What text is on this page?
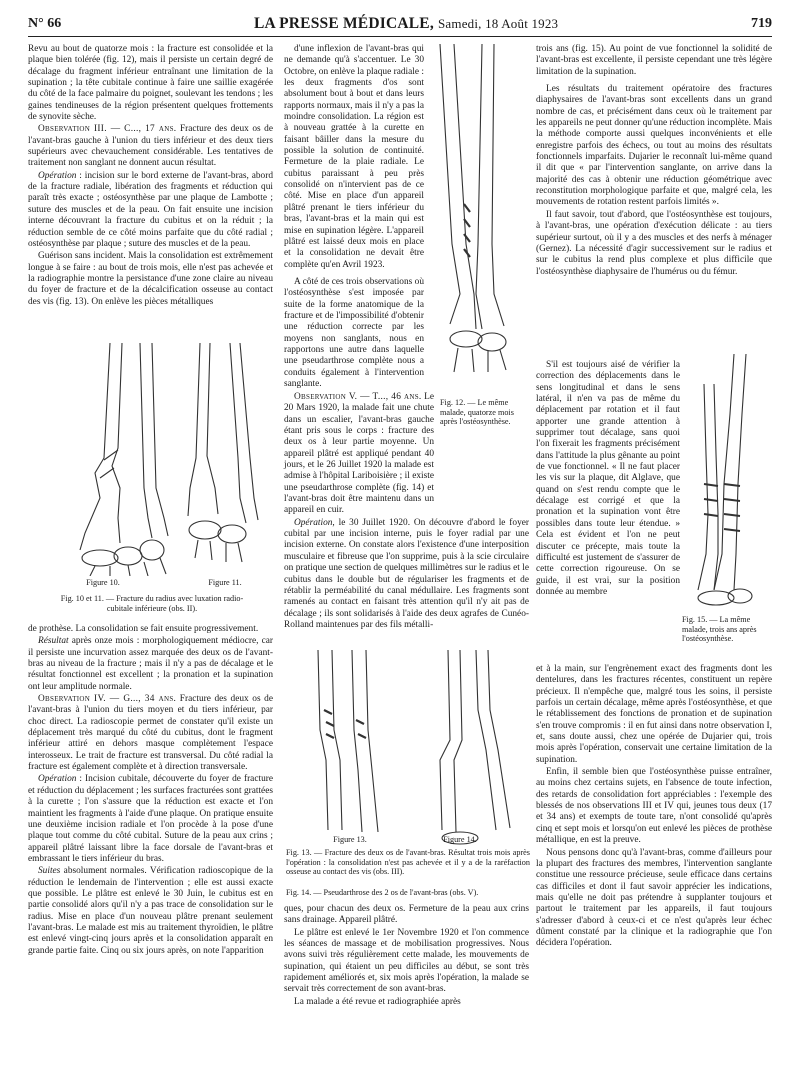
N° 66	LA PRESSE MÉDICALE, Samedi, 18 Août 1923	719

Revu au bout de quatorze mois : la fracture est consolidée et la plaque bien tolérée (fig. 12), mais il persiste un certain degré de décalage du fragment inférieur entraînant une limitation de la supination ; la tête cubitale continue à faire une saillie exagérée du côté de la face palmaire du poignet, soulevant les tendons ; les gaines tendineuses de la région présentent quelques frottements de synovite sèche.

Observation III. — C..., 17 ans. Fracture des deux os de l'avant-bras gauche à l'union du tiers inférieur et des deux tiers supérieurs avec chevauchement considérable. Les tentatives de traitement non sanglant ne donnent aucun résultat.

Opération : incision sur le bord externe de l'avant-bras, abord de la fracture radiale, libération des fragments et réduction qui paraît très exacte ; ostéosynthèse par une plaque de Lambotte ; suture des muscles et de la peau. On fait ensuite une incision interne découvrant la fracture du cubitus et on la réduit ; la réduction semble de ce côté moins parfaite que du côté radial ; ostéosynthèse par plaque ; suture des muscles et de la peau.

Guérison sans incident. Mais la consolidation est extrêmement longue à se faire : au bout de trois mois, elle n'est pas achevée et la radiographie montre la persistance d'une zone claire au niveau du foyer de fracture et de la décalcification osseuse au contact des vis (fig. 13). On enlève les pièces métalliques

Figure 10.	Figure 11.
Fig. 10 et 11. — Fracture du radius avec luxation radio-cubitale inférieure (obs. II).

de prothèse. La consolidation se fait ensuite progressivement.

Résultat après onze mois : morphologiquement médiocre, car il persiste une incurvation assez marquée des deux os de l'avant-bras au niveau de la fracture ; mais il n'y a pas de décalage et le résultat fonctionnel est excellent ; la pronation et la supination ont leur amplitude normale.

Observation IV. — G..., 34 ans. Fracture des deux os de l'avant-bras à l'union du tiers moyen et du tiers inférieur, par choc direct. La radioscopie permet de constater qu'il existe un déplacement très marqué du côté du cubitus, dont le fragment inférieur attiré en dehors masque complètement l'espace interosseux. Le trait de fracture est transversal. Du côté radial la fracture est également complète et à direction transversale.

Opération : Incision cubitale, découverte du foyer de fracture et réduction du déplacement ; les surfaces fracturées sont grattées à la curette ; l'on s'assure que la réduction est exacte et l'on maintient les fragments à l'aide d'une plaque. On pratique ensuite une deuxième incision radiale et l'on procède à la pose d'une plaque tout comme du côté cubital. Suture de la peau aux crins ; appareil plâtré laissant libre la face dorsale de l'avant-bras et embrassant le tiers inférieur du bras.

Suites absolument normales. Vérification radioscopique de la réduction le lendemain de l'intervention ; elle est aussi exacte que possible. Le plâtre est enlevé le 30 Juin, le cubitus est en partie consolidé alors qu'il n'y a pas trace de consolidation sur le radius. Mise en place d'un nouveau plâtre prenant seulement l'avant-bras. Le malade est mis au traitement thyroïdien, le plâtre est enlevé vingt-cinq jours après et la consolidation apparaît en grande partie faite. Cinq ou six jours après, on note l'apparition

d'une inflexion de l'avant-bras qui ne demande qu'à s'accentuer. Le 30 Octobre, on enlève la plaque radiale : les deux fragments d'os sont absolument bout à bout et dans leurs rapports normaux, mais il n'y a pas la moindre consolidation. La région est à nouveau grattée à la curette en faisant bâiller dans la mesure du possible la solution de continuité. Fermeture de la plaie radiale. Le cubitus paraissant à peu près consolidé on n'intervient pas de ce côté. Mise en place d'un appareil plâtré prenant le tiers inférieur du bras, l'avant-bras et la main qui est mise en supination légère. L'appareil plâtré est laissé deux mois en place et la consolidation ne devait être complète qu'en Avril 1923.

A côté de ces trois observations où l'ostéosynthèse s'est imposée par suite de la forme anatomique de la fracture et de l'impossibilité d'obtenir une réduction correcte par les moyens non sanglants, nous en rapportons une autre dans laquelle une pseudarthrose complète nous a conduits également à l'intervention sanglante.

Fig. 12. — Le même malade, quatorze mois après l'ostéosynthèse.

Observation V. — T..., 46 ans. Le 20 Mars 1920, la malade fait une chute dans un escalier, l'avant-bras gauche étant pris sous le corps : fracture des deux os à leur partie moyenne. Un appareil plâtré est appliqué pendant 40 jours, et le 26 Juillet 1920 la malade est admise à l'hôpital Lariboisière ; il existe une pseudarthrose complète (fig. 14) et l'avant-bras doit être maintenu dans un appareil en cuir.

Opération, le 30 Juillet 1920. On découvre d'abord le foyer cubital par une incision interne, puis le foyer radial par une incision externe. On constate alors l'existence d'une interposition musculaire et fibreuse que l'on supprime, puis à la scie circulaire on pratique une section de quelques millimètres sur le radius et le cubitus dans le double but de régulariser les fragments et de rétablir la perméabilité du canal médullaire. Les fragments sont ramenés au contact en faisant très attention qu'il n'y ait pas de décalage ; ils sont solidarisés à l'aide des deux agrafes de Cunéo-Rolland maintenues par des fils métalli-

Figure 13.	Figure 14.
Fig. 13. — Fracture des deux os de l'avant-bras. Résultat trois mois après l'opération : la consolidation n'est pas achevée et il y a de la raréfaction osseuse au contact des vis (obs. III).
Fig. 14. — Pseudarthrose des 2 os de l'avant-bras (obs. V).

ques, pour chacun des deux os. Fermeture de la peau aux crins sans drainage. Appareil plâtré.

Le plâtre est enlevé le 1er Novembre 1920 et l'on commence les séances de massage et de mobilisation progressives. Nous avons suivi très régulièrement cette malade, les mouvements de supination, qui étaient un peu difficiles au début, se sont très rapidement améliorés et, six mois après l'opération, la malade se servait très correctement de son avant-bras.

La malade a été revue et radiographiée après

trois ans (fig. 15). Au point de vue fonctionnel la solidité de l'avant-bras est excellente, il persiste cependant une très légère limitation de la supination.

Les résultats du traitement opératoire des fractures diaphysaires de l'avant-bras sont excellents dans un grand nombre de cas, et précisément dans ceux où le traitement par les appareils ne peut donner qu'une réduction incomplète. Mais la méthode comporte aussi quelques inconvénients et elle enregistre parfois des échecs, ou tout au moins des résultats fonctionnels imparfaits. Dujarier le reconnaît lui-même quand il dit que « par l'intervention sanglante, on arrive dans la majorité des cas à obtenir une réduction géométrique avec reconstitution morphologique parfaite et que, malgré cela, les mouvements de rotation restent parfois limités ».

Il faut savoir, tout d'abord, que l'ostéosynthèse est toujours, à l'avant-bras, une opération d'exécution délicate : au tiers supérieur surtout, où il y a des muscles et des nerfs à ménager (Gernez). La nécessité d'agir successivement sur le radius et sur le cubitus la rend plus complexe et plus difficile que l'ostéosynthèse diaphysaire de l'humérus ou du fémur.

S'il est toujours aisé de vérifier la correction des déplacements dans le sens longitudinal et dans le sens latéral, il n'en va pas de même du déplacement par rotation et il faut apporter une grande attention à supprimer tout décalage, sans quoi l'on fixerait les fragments précisément dans l'attitude la plus gênante au point de vue fonctionnel. « Il ne faut placer les vis sur la plaque, dit Alglave, que quand on s'est rendu compte que le décalage est corrigé et que la pronation et la supination vont être possibles dans toute leur étendue. » Cela est évident et l'on ne peut discuter ce précepte, mais toute la difficulté est justement de s'assurer de cette correction rigoureuse. On se guide, il est vrai, sur la position donnée au membre

Fig. 15. — La même malade, trois ans après l'ostéosynthèse.

et à la main, sur l'engrènement exact des fragments dont les dentelures, dans les fractures récentes, constituent un repère précieux. Il n'empêche que, malgré tous les soins, il persiste parfois un certain décalage, même après l'ostéosynthèse, et que le rétablissement des fonctions de pronation et de supination s'en trouve compromis : il en fut ainsi dans notre observation I, et, sans doute aussi, chez une opérée de Dujarier qui, trois mois après l'opération, conservait une certaine limitation de la supination.

Enfin, il semble bien que l'ostéosynthèse puisse entraîner, au moins chez certains sujets, en l'absence de toute infection, des retards de consolidation fort appréciables : l'exemple des blessés de nos observations III et IV qui, jeunes tous deux (17 et 34 ans) et exempts de toute tare, n'ont consolidé qu'après cinq et sept mois et lorsqu'on eut enlevé les pièces de prothèse métallique, en est la preuve.

Nous pensons donc qu'à l'avant-bras, comme d'ailleurs pour la plupart des fractures des membres, l'intervention sanglante constitue une ressource précieuse, seule efficace dans certains cas difficiles et dont il faut savoir apprécier les indications, mais qu'elle ne doit pas prétendre à supplanter toujours et partout le traitement par les appareils, il faut toujours s'adresser d'abord à ceux-ci et ce n'est qu'après leur échec dûment constaté par la clinique et la radiographie que l'on décidera l'opération.
